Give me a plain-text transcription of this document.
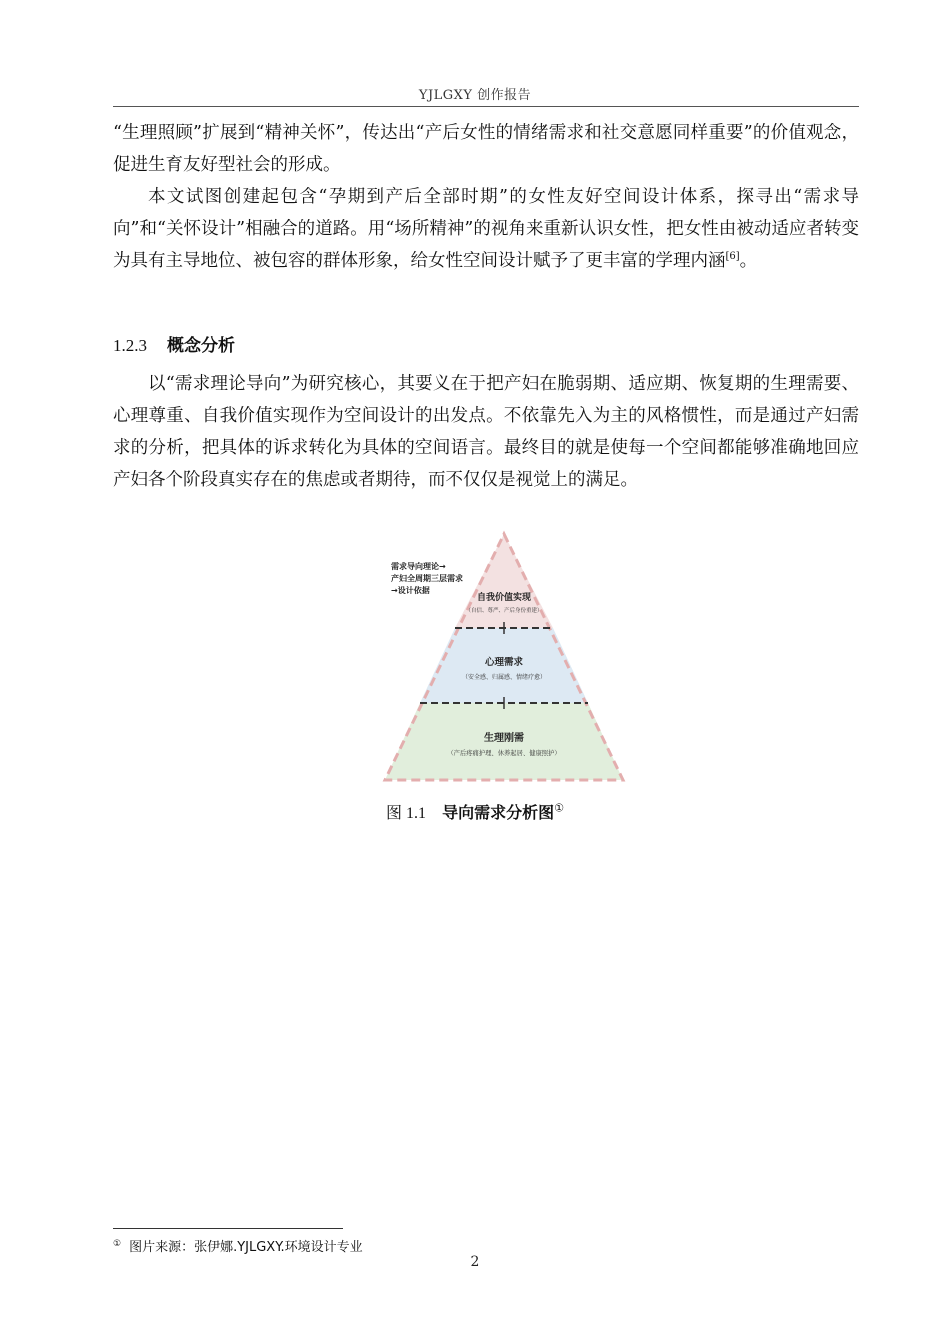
YJLGXY 创作报告

“生理照顾”扩展到“精神关怀”，传达出“产后女性的情绪需求和社交意愿同样重要”的价值观念，促进生育友好型社会的形成。

本文试图创建起包含“孕期到产后全部时期”的女性友好空间设计体系，探寻出“需求导向”和“关怀设计”相融合的道路。用“场所精神”的视角来重新认识女性，把女性由被动适应者转变为具有主导地位、被包容的群体形象，给女性空间设计赋予了更丰富的学理内涵[6]。

1.2.3 概念分析

以“需求理论导向”为研究核心，其要义在于把产妇在脆弱期、适应期、恢复期的生理需要、心理尊重、自我价值实现作为空间设计的出发点。不依靠先入为主的风格惯性，而是通过产妇需求的分析，把具体的诉求转化为具体的空间语言。最终目的就是使每一个空间都能够准确地回应产妇各个阶段真实存在的焦虑或者期待，而不仅仅是视觉上的满足。

需求导向理论→
产妇全周期三层需求
→设计依据
自我价值实现
（自信、尊严、产后身份重建）
心理需求
（安全感、归属感、情绪疗愈）
生理刚需
（产后疼痛护理、休养起居、健康照护）
图 1.1 导向需求分析图①
① 图片来源：张伊娜.YJLGXY.环境设计专业
2
